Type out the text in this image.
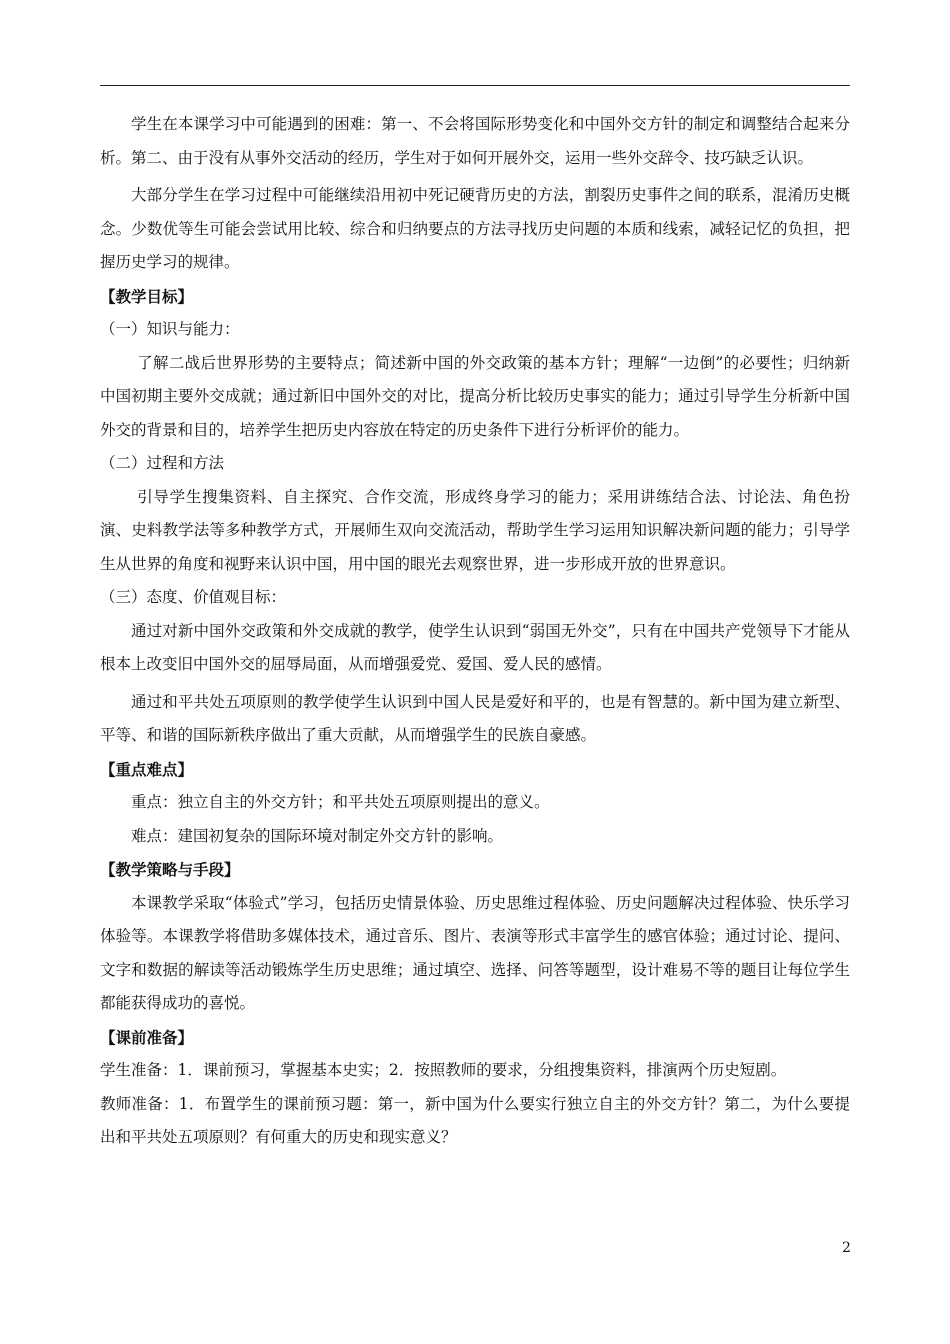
学生在本课学习中可能遇到的困难：第一、不会将国际形势变化和中国外交方针的制定和调整结合起来分析。第二、由于没有从事外交活动的经历，学生对于如何开展外交，运用一些外交辞令、技巧缺乏认识。

大部分学生在学习过程中可能继续沿用初中死记硬背历史的方法，割裂历史事件之间的联系，混淆历史概念。少数优等生可能会尝试用比较、综合和归纳要点的方法寻找历史问题的本质和线索，减轻记忆的负担，把握历史学习的规律。

【教学目标】

（一）知识与能力：

了解二战后世界形势的主要特点；简述新中国的外交政策的基本方针；理解“一边倒”的必要性；归纳新中国初期主要外交成就；通过新旧中国外交的对比，提高分析比较历史事实的能力；通过引导学生分析新中国外交的背景和目的，培养学生把历史内容放在特定的历史条件下进行分析评价的能力。

（二）过程和方法

引导学生搜集资料、自主探究、合作交流，形成终身学习的能力；采用讲练结合法、讨论法、角色扮演、史料教学法等多种教学方式，开展师生双向交流活动，帮助学生学习运用知识解决新问题的能力；引导学生从世界的角度和视野来认识中国，用中国的眼光去观察世界，进一步形成开放的世界意识。

（三）态度、价值观目标：

通过对新中国外交政策和外交成就的教学，使学生认识到“弱国无外交”，只有在中国共产党领导下才能从根本上改变旧中国外交的屈辱局面，从而增强爱党、爱国、爱人民的感情。

通过和平共处五项原则的教学使学生认识到中国人民是爱好和平的，也是有智慧的。新中国为建立新型、平等、和谐的国际新秩序做出了重大贡献，从而增强学生的民族自豪感。

【重点难点】

重点：独立自主的外交方针；和平共处五项原则提出的意义。

难点：建国初复杂的国际环境对制定外交方针的影响。

【教学策略与手段】

本课教学采取“体验式”学习，包括历史情景体验、历史思维过程体验、历史问题解决过程体验、快乐学习体验等。本课教学将借助多媒体技术，通过音乐、图片、表演等形式丰富学生的感官体验；通过讨论、提问、文字和数据的解读等活动锻炼学生历史思维；通过填空、选择、问答等题型，设计难易不等的题目让每位学生都能获得成功的喜悦。

【课前准备】

学生准备：1．课前预习，掌握基本史实；2．按照教师的要求，分组搜集资料，排演两个历史短剧。

教师准备：1．布置学生的课前预习题：第一，新中国为什么要实行独立自主的外交方针？第二，为什么要提出和平共处五项原则？有何重大的历史和现实意义？

2
